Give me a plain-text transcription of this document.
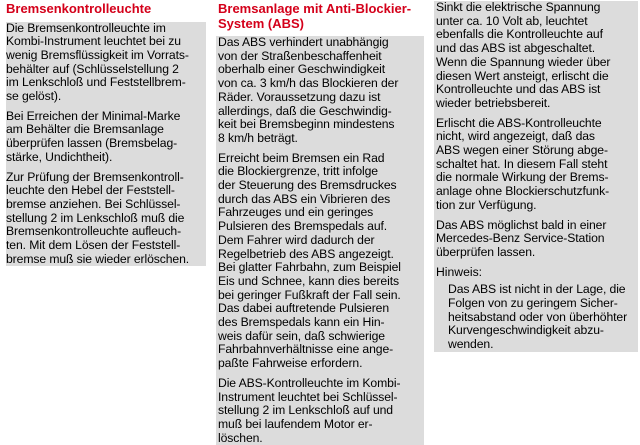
Bremsenkontrolleuchte
Die Bremsenkontrolleuchte im
Kombi-Instrument leuchtet bei zu
wenig Bremsflüssigkeit im Vorrats-
behälter auf (Schlüsselstellung 2
im Lenkschloß und Feststellbrem-
se gelöst).
Bei Erreichen der Minimal-Marke
am Behälter die Bremsanlage
überprüfen lassen (Bremsbelag-
stärke, Undichtheit).
Zur Prüfung der Bremsenkontroll-
leuchte den Hebel der Feststell-
bremse anziehen. Bei Schlüssel-
stellung 2 im Lenkschloß muß die
Bremsenkontrolleuchte aufleuch-
ten. Mit dem Lösen der Feststell-
bremse muß sie wieder erlöschen.
Bremsanlage mit Anti-Blockier-
System (ABS)
Das ABS verhindert unabhängig
von der Straßenbeschaffenheit
oberhalb einer Geschwindigkeit
von ca. 3 km/h das Blockieren der
Räder. Voraussetzung dazu ist
allerdings, daß die Geschwindig-
keit bei Bremsbeginn mindestens
8 km/h beträgt.
Erreicht beim Bremsen ein Rad
die Blockiergrenze, tritt infolge
der Steuerung des Bremsdruckes
durch das ABS ein Vibrieren des
Fahrzeuges und ein geringes
Pulsieren des Bremspedals auf.
Dem Fahrer wird dadurch der
Regelbetrieb des ABS angezeigt.
Bei glatter Fahrbahn, zum Beispiel
Eis und Schnee, kann dies bereits
bei geringer Fußkraft der Fall sein.
Das dabei auftretende Pulsieren
des Bremspedals kann ein Hin-
weis dafür sein, daß schwierige
Fahrbahnverhältnisse eine ange-
paßte Fahrweise erfordern.
Die ABS-Kontrolleuchte im Kombi-
Instrument leuchtet bei Schlüssel-
stellung 2 im Lenkschloß auf und
muß bei laufendem Motor er-
löschen.
Sinkt die elektrische Spannung
unter ca. 10 Volt ab, leuchtet
ebenfalls die Kontrolleuchte auf
und das ABS ist abgeschaltet.
Wenn die Spannung wieder über
diesen Wert ansteigt, erlischt die
Kontrolleuchte und das ABS ist
wieder betriebsbereit.
Erlischt die ABS-Kontrolleuchte
nicht, wird angezeigt, daß das
ABS wegen einer Störung abge-
schaltet hat. In diesem Fall steht
die normale Wirkung der Brems-
anlage ohne Blockierschutzfunk-
tion zur Verfügung.
Das ABS möglichst bald in einer
Mercedes-Benz Service-Station
überprüfen lassen.
Hinweis:
Das ABS ist nicht in der Lage, die
Folgen von zu geringem Sicher-
heitsabstand oder von überhöhter
Kurvengeschwindigkeit abzu-
wenden.
